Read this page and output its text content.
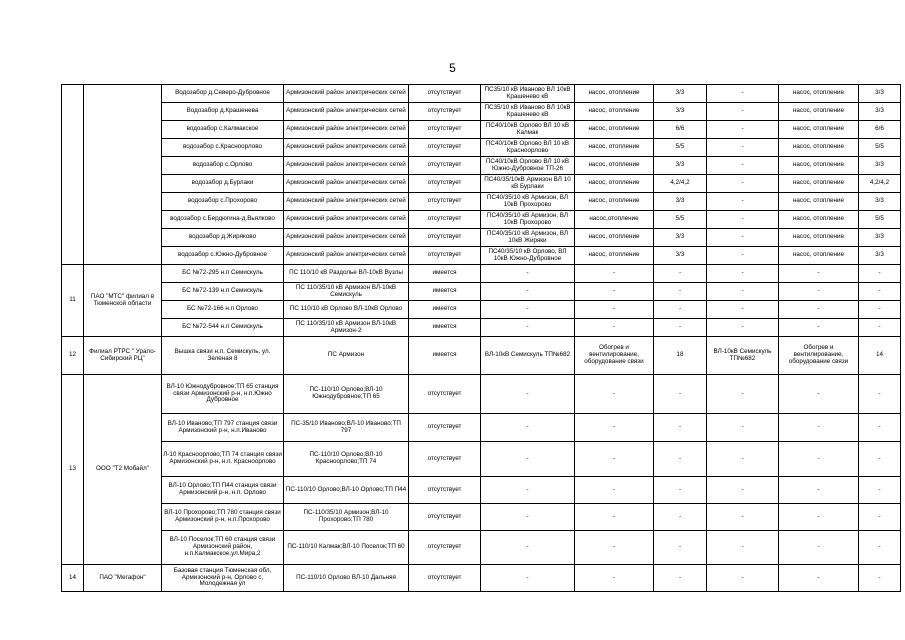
5
		Водозабор д.Северо-Дубровное	Армизонский район электрических сетей	отсутствует	ПС35/10 кВ Иваново ВЛ 10кВ Крашенево кВ	насос, отопление	3/3	-	насос, отопление	3/3
		Водозабор д.Крашенева	Армизонский район электрических сетей	отсутствует	ПС35/10 кВ Иваново ВЛ 10кВ Крашенево кВ	насос, отопление	3/3	-	насос, отопление	3/3
		водозабор с.Калмакское	Армизонский район электрических сетей	отсутствует	ПС40/10кВ Орлово ВЛ 10 кВ Калмак	насос, отопление	6/6	-	насос, отопление	6/6
		водозабор с.Красноорлово	Армизонский район электрических сетей	отсутствует	ПС40/10кВ Орлово ВЛ 10 кВ Красноорлово	насос, отопление	5/5	-	насос, отопление	5/5
		водозабор с.Орлово	Армизонский район электрических сетей	отсутствует	ПС40/10кВ Орлово ВЛ 10 кВ Южно-Дубровное ТП-26	насос, отопление	3/3	-	насос, отопление	3/3
		водозабор д.Бурлаки	Армизонский район электрических сетей	отсутствует	ПС40/35/10кВ Армизон ВЛ 10 кВ Бурлаки	насос, отопление	4,2/4,2	-	насос, отопление	4,2/4,2
		водозабор с.Прохорово	Армизонский район электрических сетей	отсутствует	ПС40/35/10 кВ Армизон, ВЛ 10кВ Прохорово	насос, отопление	3/3	-	насос, отопление	3/3
		водозабор с.Бердюгина-д.Вьялково	Армизонский район электрических сетей	отсутствует	ПС40/35/10 кВ Армизон, ВЛ 10кВ Прохорово	насос,отопление	5/5	-	насос, отопление	5/5
		водозабор д.Жиряково	Армизонский район электрических сетей	отсутствует	ПС40/35/10 кВ Армизон, ВЛ 10кВ Жиряки	насос, отопление	3/3	-	насос, отопление	3/3
		водозабор с.Южно-Дубровное	Армизонский район электрических сетей	отсутствует	ПС40/35/10 кВ Орлово, ВЛ 10кВ Южно-Дубровное	насос, отопление	3/3	-	насос, отопление	3/3
11	ПАО "МТС" филиал в Тюменской области	БС №72-295 н.п Семискуль	ПС 110/10 кВ Раздолье ВЛ-10кВ Вузлы	имеется	-	-	-	-	-	-
		БС №72-139 н.п Семискуль	ПС 110/35/10 кВ Армизон ВЛ-10кВ Семискуль	имеется	-	-	-	-	-	-
		БС №72-166 н.п Орлово	ПС 110/10 кВ Орлово ВЛ-10кВ Орлово	имеется	-	-	-	-	-	-
		БС №72-544 н.п Семискуль	ПС 110/35/10 кВ Армизон ВЛ-10кВ Армизон-2	имеется	-	-	-	-	-	-
12	Филиал РТРС " Урало-Сибирский РЦ"	Вышка связи н.п. Семискуль, ул. Зеленая 8	ПС Армизон	имеется	ВЛ-10кВ Семискуль ТП№682	Обогрев и вентилирование, оборудование связи	18	ВЛ-10кВ Семискуль ТП№682	Обогрев и вентилирование, оборудование связи	14
13	ООО "Т2 Мобайл"	ВЛ-10 Южнодубровное;ТП 65 станция связи Армизонский р-н, н.п.Южно Дубровное	ПС-110/10 Орлово;ВЛ-10 Южнодубровное;ТП 65	отсутствует	-	-	-	-	-	-
		ВЛ-10 Иваново;ТП 797 станция связи Армизонский р-н, н.п.Иваново	ПС-35/10 Иваново;ВЛ-10 Иваново;ТП 797	отсутствует	-	-	-	-	-	-
		Л-10 Красноорлово;ТП 74 станция связи Армизонский р-н, н.п. Красноорлово	ПС-110/10 Орлово;ВЛ-10 Красноорлово;ТП 74	отсутствует	-	-	-	-	-	-
		ВЛ-10 Орлово;ТП П44 станция связи Армизонский р-н, н.п. Орлово	ПС-110/10 Орлово;ВЛ-10 Орлово;ТП П44	отсутствует	-	-	-	-	-	-
		ВЛ-10 Прохорово;ТП 780 станция связи Армизонский р-н, н.п.Прохорово	ПС-110/35/10 Армизон;ВЛ-10 Прохорово;ТП 780	отсутствует	-	-	-	-	-	-
		ВЛ-10 Поселок;ТП 60 станция связи Армизонский район, н.п.Калмакское,ул.Мира,2	ПС-110/10 Калмак;ВЛ-10 Поселок;ТП 60	отсутствует	-	-	-	-	-	-
14	ПАО "Мегафон"	Базовая станция Тюменская обл, Армизонский р-н, Орлово с, Молодежная ул	ПС-110/10 Орлово ВЛ-10 Дальняя	отсутствует	-	-	-	-	-	-
